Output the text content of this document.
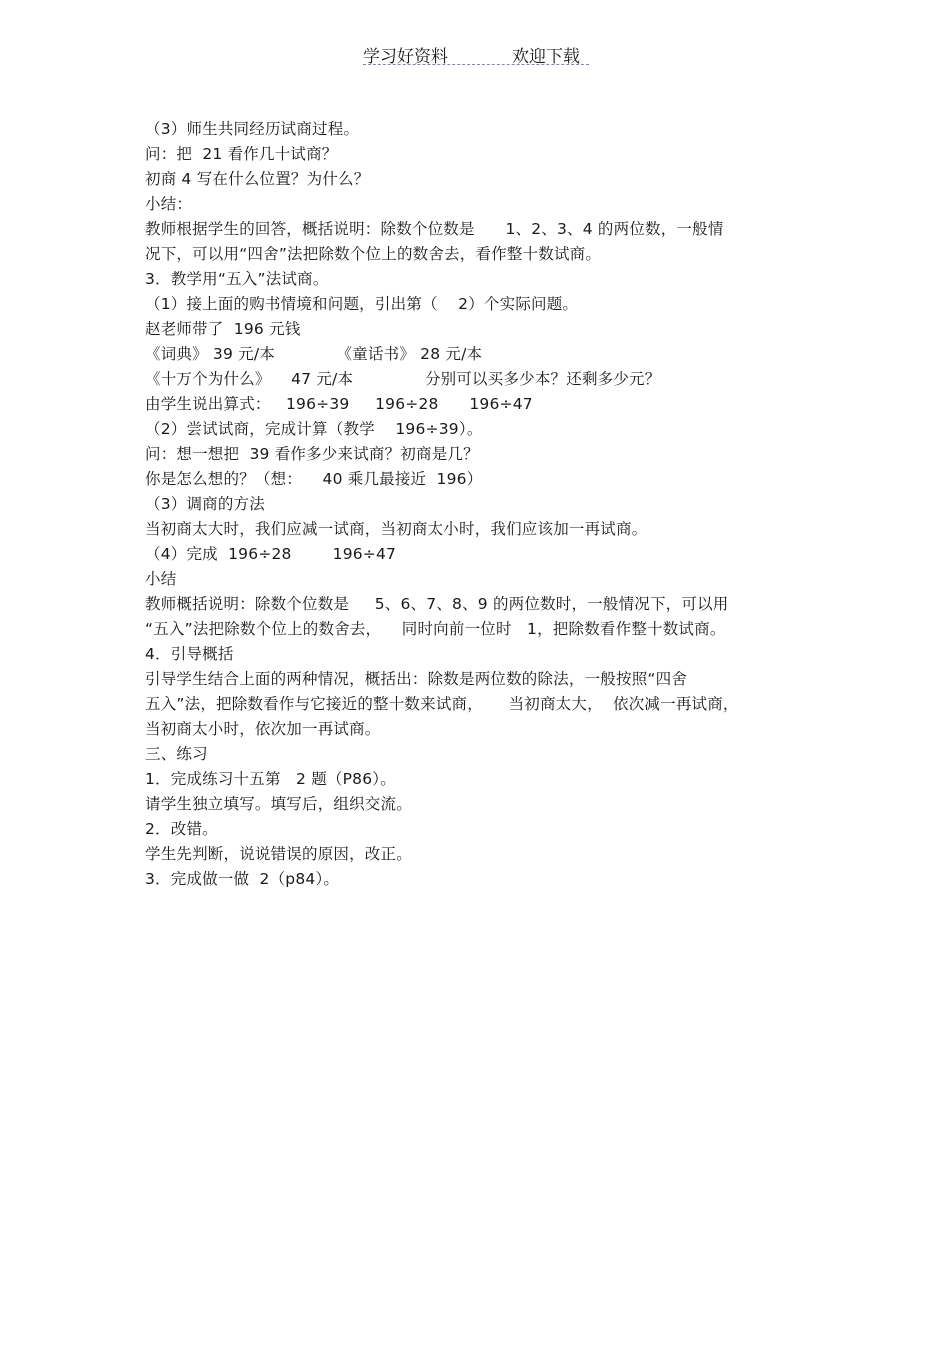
学习好资料	欢迎下载
（3）师生共同经历试商过程。
问：把  21 看作几十试商？
初商 4 写在什么位置？为什么？
小结：
教师根据学生的回答，概括说明：除数个位数是      1、2、3、4 的两位数，一般情
况下，可以用“四舍”法把除数个位上的数舍去，看作整十数试商。
3．教学用“五入”法试商。
（1）接上面的购书情境和问题，引出第（    2）个实际问题。
赵老师带了  196 元钱
《词典》 39 元/本            《童话书》 28 元/本
《十万个为什么》    47 元/本              分别可以买多少本？还剩多少元？
由学生说出算式：   196÷39     196÷28      196÷47
（2）尝试试商，完成计算（教学    196÷39）。
问：想一想把  39 看作多少来试商？初商是几？
你是怎么想的？（想：    40 乘几最接近  196）
（3）调商的方法
当初商太大时，我们应减一试商，当初商太小时，我们应该加一再试商。
（4）完成  196÷28        196÷47
小结
教师概括说明：除数个位数是     5、6、7、8、9 的两位数时，一般情况下，可以用
“五入”法把除数个位上的数舍去，    同时向前一位时   1，把除数看作整十数试商。
4．引导概括
引导学生结合上面的两种情况，概括出：除数是两位数的除法，一般按照“四舍
五入”法，把除数看作与它接近的整十数来试商，     当初商太大，  依次减一再试商，
当初商太小时，依次加一再试商。
三、练习
1．完成练习十五第   2 题（P86）。
请学生独立填写。填写后，组织交流。
2．改错。
学生先判断，说说错误的原因，改正。
3．完成做一做  2（p84）。
